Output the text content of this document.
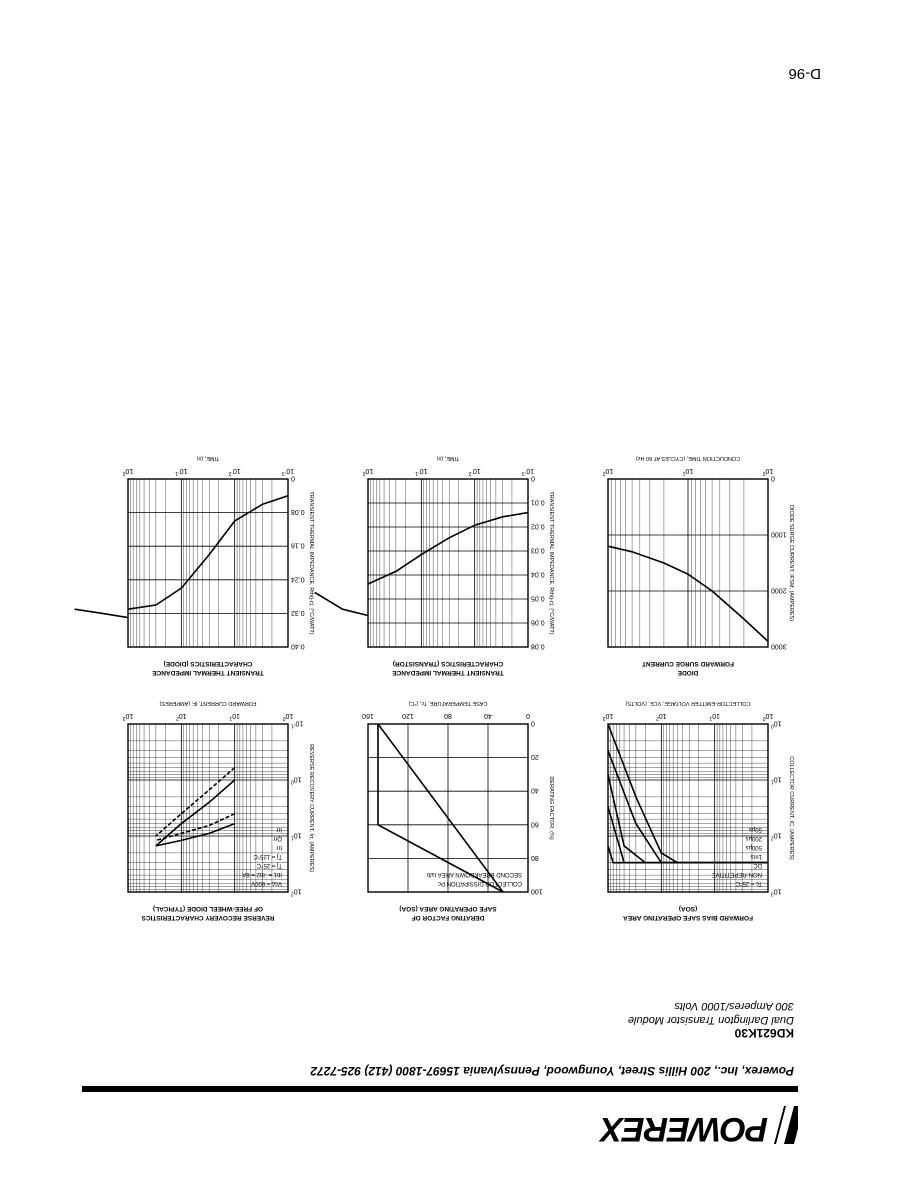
D-96
POWEREX
Powerex, Inc., 200 Hillis Street, Youngwood, Pennsylvania 15697-1800 (412) 925-7272
KD621K30
Dual Darlington Transistor Module
300 Amperes/1000 Volts
FORWARD BIAS SAFE OPERATING AREA
(SOA)
$10^0$
$10^1$
$10^2$
$10^3$
$10^0$
$10^1$
$10^2$
$10^3$
COLLECTOR-EMITTER VOLTAGE, VCE, (VOLTS)
COLLECTOR CURRENT, IC, (AMPERES)
Tc = 25°C
NON-REPETITIVE
DC
1ms
500μs
200μs
50μs
DERATING FACTOR OF
SAFE OPERATING AREA (SOA)
0
40
80
120
160
0
20
40
60
80
100
CASE TEMPERATURE, Tc, (°C)
DERATING FACTOR, (%)
COLLECTOR DISSIPATION Pc
SECOND BREAKDOWN AREA Is/b
REVERSE RECOVERY CHARACTERISTICS
OF FREE-WHEEL DIODE (TYPICAL)
$10^0$
$10^1$
$10^2$
$10^3$
$10^{-1}$
$10^0$
$10^1$
$10^2$
FORWARD CURRENT, IF, (AMPERES)
REVERSE RECOVERY CURRENT, Irr, (AMPERES)
Vcc = 600V
Ib1 = -Ib2 = 6A
Tj = 25°C
Tj = 125°C
trr
Qrr
Irr
DIODE
FORWARD SURGE CURRENT
$10^0$
$10^1$
$10^2$
0
1000
2000
3000
CONDUCTION TIME, (CYCLES AT 60 Hz)
DIODE SURGE CURRENT, IFSM, (AMPERES)
TRANSIENT THERMAL IMPEDANCE
CHARACTERISTICS (TRANSISTOR)
$10^{-3}$
$10^{-2}$
$10^{-1}$
$10^0$
0
0.01
0.02
0.03
0.04
0.05
0.06
0.08
TIME, (s)
TRANSIENT THERMAL IMPEDANCE, Rth(j-c), (°C/WATT)
TRANSIENT THERMAL IMPEDANCE
CHARACTERISTICS (DIODE)
$10^{-3}$
$10^{-2}$
$10^{-1}$
$10^0$
0
0.08
0.16
0.24
0.32
0.40
TIME, (s)
TRANSIENT THERMAL IMPEDANCE, Rth(j-c), (°C/WATT)
